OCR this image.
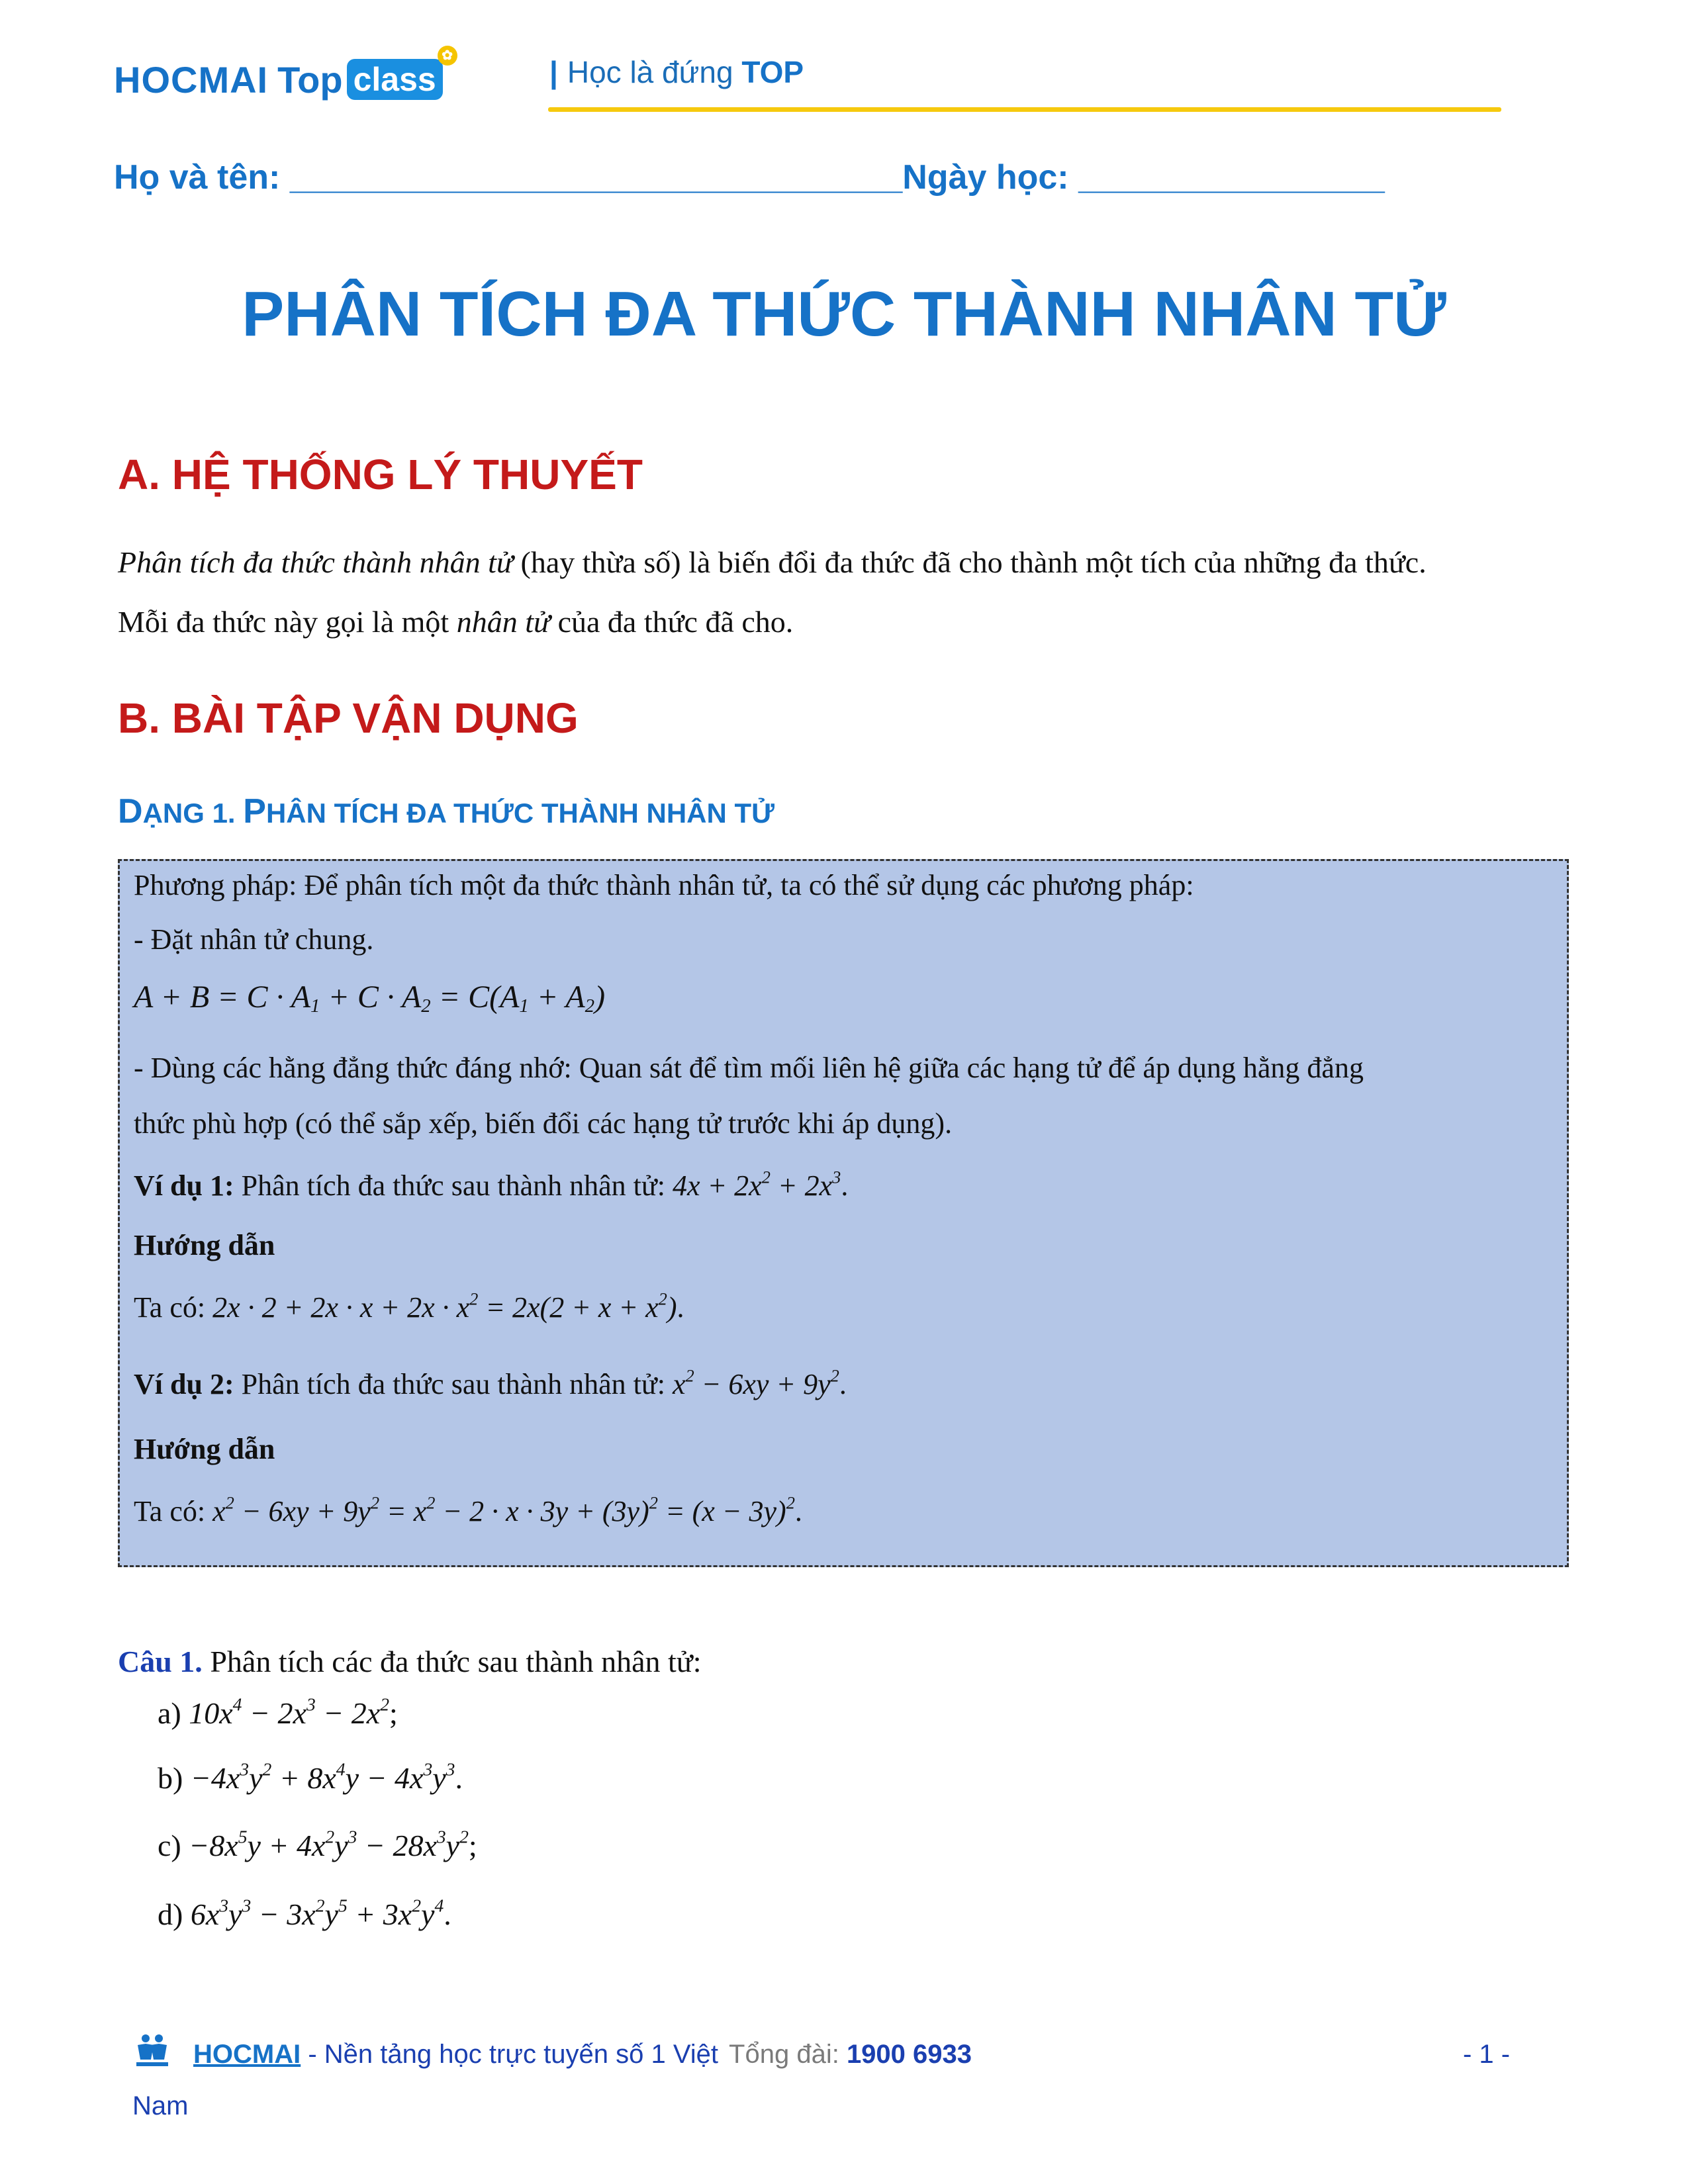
HOCMAI Top class
✿	| Học là đứng TOP
Họ và tên: ________________________________Ngày học: ________________
PHÂN TÍCH ĐA THỨC THÀNH NHÂN TỬ
A. HỆ THỐNG LÝ THUYẾT
Phân tích đa thức thành nhân tử (hay thừa số) là biến đổi đa thức đã cho thành một tích của những đa thức.
Mỗi đa thức này gọi là một nhân tử của đa thức đã cho.
B. BÀI TẬP VẬN DỤNG
DẠNG 1. PHÂN TÍCH ĐA THỨC THÀNH NHÂN TỬ
Phương pháp: Để phân tích một đa thức thành nhân tử, ta có thể sử dụng các phương pháp:
- Đặt nhân tử chung.
$A + B = C \cdot A_1 + C \cdot A_2 = C(A_1 + A_2)$
- Dùng các hằng đẳng thức đáng nhớ: Quan sát để tìm mối liên hệ giữa các hạng tử để áp dụng hằng đẳng
thức phù hợp (có thể sắp xếp, biến đổi các hạng tử trước khi áp dụng).
Ví dụ 1: Phân tích đa thức sau thành nhân tử: $4x + 2x^2 + 2x^3$.
Hướng dẫn
Ta có: $2x \cdot 2 + 2x \cdot x + 2x \cdot x^2 = 2x(2 + x + x^2)$.
Ví dụ 2: Phân tích đa thức sau thành nhân tử: $x^2 - 6xy + 9y^2$.
Hướng dẫn
Ta có: $x^2 - 6xy + 9y^2 = x^2 - 2 \cdot x \cdot 3y + (3y)^2 = (x - 3y)^2$.
Câu 1. Phân tích các đa thức sau thành nhân tử:
a) $10x^4 - 2x^3 - 2x^2$;
$b) -4x^3y^2 + 8x^4y - 4x^3y^3$.
$c) -8x^5y + 4x^2y^3 - 28x^3y^2$;
d) $6x^3y^3 - 3x^2y^5 + 3x^2y^4$.
HOCMAI - Nền tảng học trực tuyến số 1 Việt Tổng đài: 1900 6933	- 1 -
Nam
